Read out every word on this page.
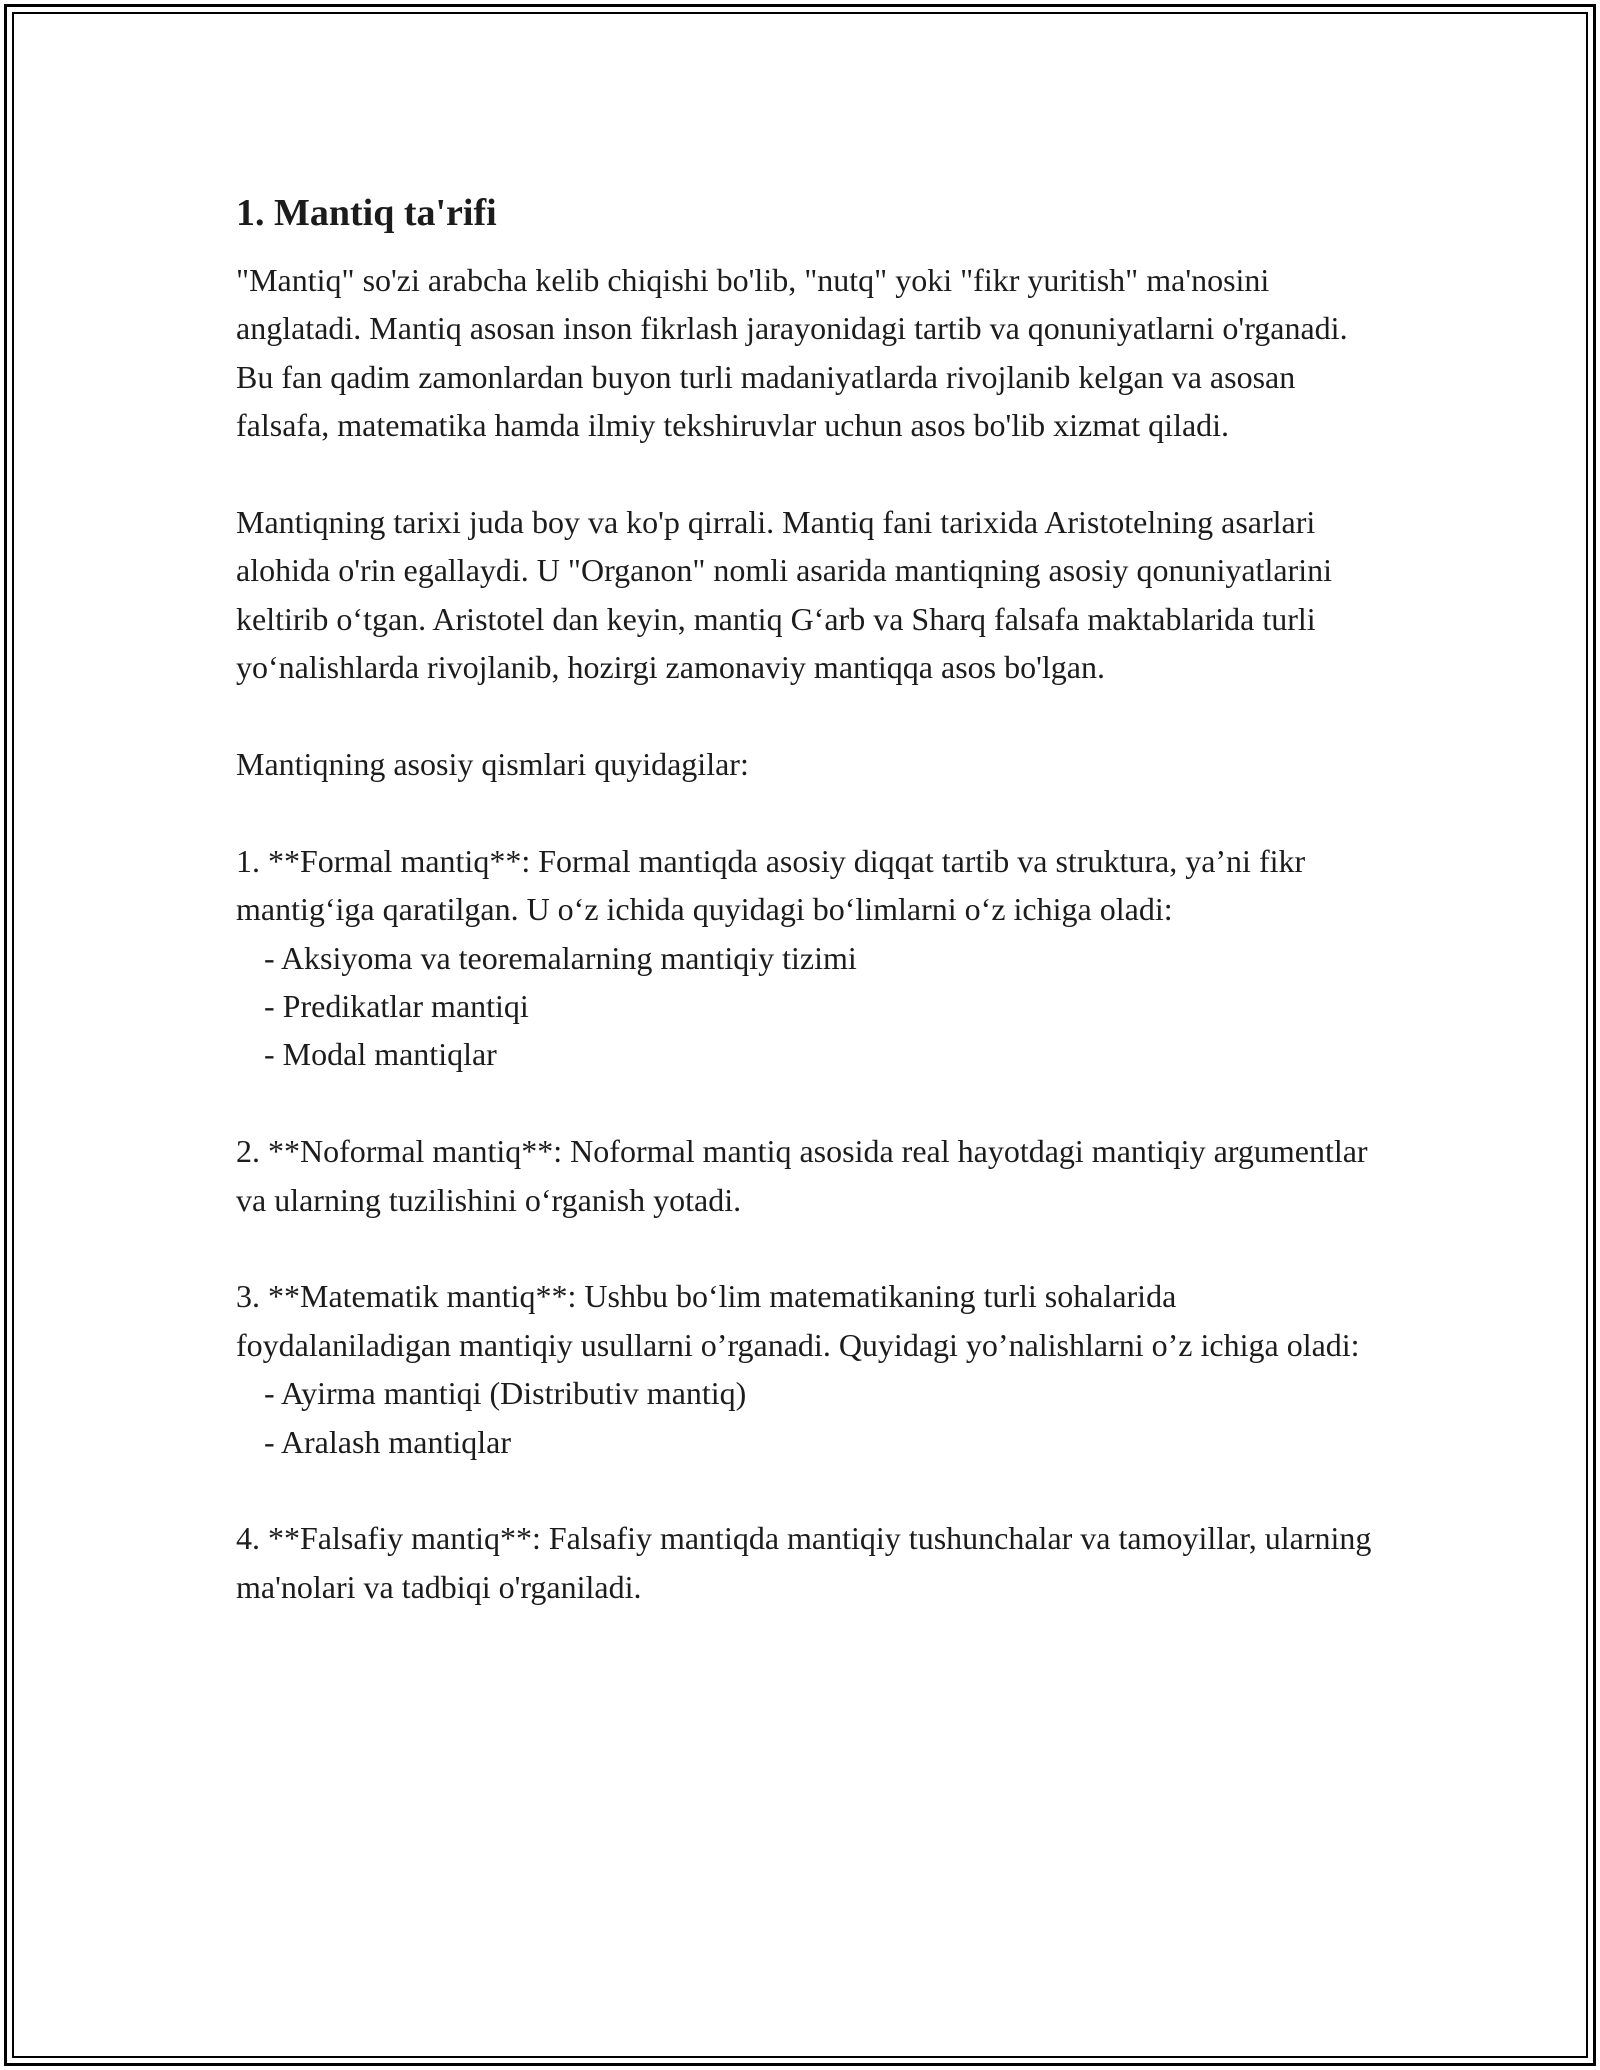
1. Mantiq ta'rifi

"Mantiq" so'zi arabcha kelib chiqishi bo'lib, "nutq" yoki "fikr yuritish" ma'nosini anglatadi. Mantiq asosan inson fikrlash jarayonidagi tartib va qonuniyatlarni o'rganadi. Bu fan qadim zamonlardan buyon turli madaniyatlarda rivojlanib kelgan va asosan falsafa, matematika hamda ilmiy tekshiruvlar uchun asos bo'lib xizmat qiladi.

Mantiqning tarixi juda boy va ko'p qirrali. Mantiq fani tarixida Aristotelning asarlari alohida o'rin egallaydi. U "Organon" nomli asarida mantiqning asosiy qonuniyatlarini keltirib o‘tgan. Aristotel dan keyin, mantiq G‘arb va Sharq falsafa maktablarida turli yo‘nalishlarda rivojlanib, hozirgi zamonaviy mantiqqa asos bo'lgan.

Mantiqning asosiy qismlari quyidagilar:

1. **Formal mantiq**: Formal mantiqda asosiy diqqat tartib va struktura, ya’ni fikr mantig‘iga qaratilgan. U o‘z ichida quyidagi bo‘limlarni o‘z ichiga oladi:

- Aksiyoma va teoremalarning mantiqiy tizimi

- Predikatlar mantiqi

- Modal mantiqlar

2. **Noformal mantiq**: Noformal mantiq asosida real hayotdagi mantiqiy argumentlar va ularning tuzilishini o‘rganish yotadi.

3. **Matematik mantiq**: Ushbu bo‘lim matematikaning turli sohalarida foydalaniladigan mantiqiy usullarni o’rganadi. Quyidagi yo’nalishlarni o’z ichiga oladi:

- Ayirma mantiqi (Distributiv mantiq)

- Aralash mantiqlar

4. **Falsafiy mantiq**: Falsafiy mantiqda mantiqiy tushunchalar va tamoyillar, ularning ma'nolari va tadbiqi o'rganiladi.
